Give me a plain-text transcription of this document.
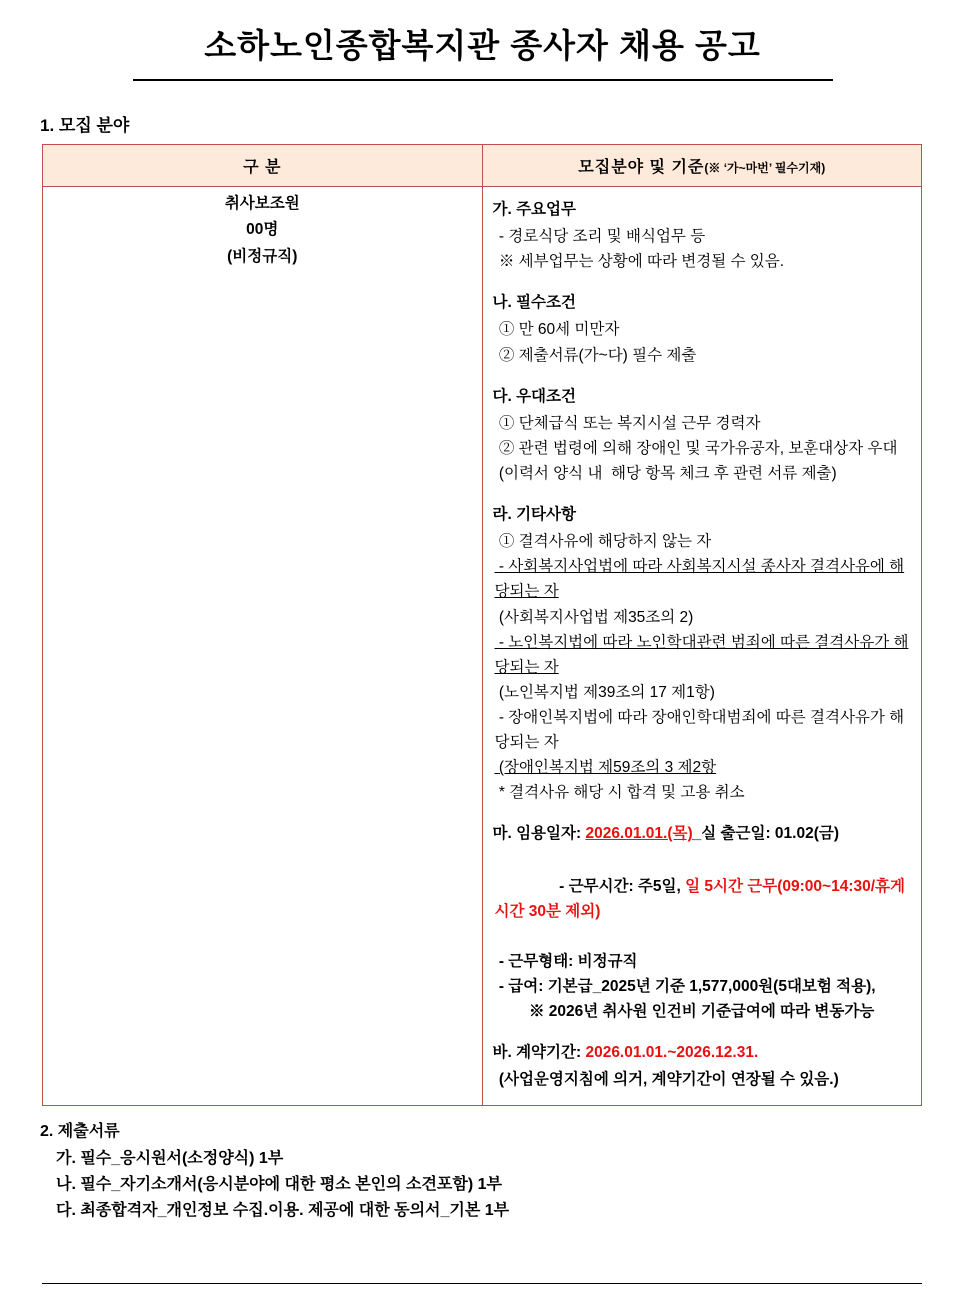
소하노인종합복지관 종사자 채용 공고
1. 모집 분야
구 분	모집분야 및 기준(※ ‘가~마번’ 필수기재)

취사보조원
00명
(비정규직)

가. 주요업무
- 경로식당 조리 및 배식업무 등
※ 세부업무는 상황에 따라 변경될 수 있음.
나. 필수조건
① 만 60세 미만자
② 제출서류(가~다) 필수 제출
다. 우대조건
① 단체급식 또는 복지시설 근무 경력자
② 관련 법령에 의해 장애인 및 국가유공자, 보훈대상자 우대
(이력서 양식 내  해당 항목 체크 후 관련 서류 제출)
라. 기타사항
① 결격사유에 해당하지 않는 자
- 사회복지사업법에 따라 사회복지시설 종사자 결격사유에 해당되는 자
(사회복지사업법 제35조의 2)
- 노인복지법에 따라 노인학대관련 범죄에 따른 결격사유가 해당되는 자
(노인복지법 제39조의 17 제1항)
- 장애인복지법에 따라 장애인학대범죄에 따른 결격사유가 해당되는 자
(장애인복지법 제59조의 3 제2항
* 결격사유 해당 시 합격 및 고용 취소
마. 임용일자: 2026.01.01.(목)_실 출근일: 01.02(금)

- 근무시간: 주5일, 일 5시간 근무(09:00~14:30/휴게시간 30분 제외)

- 근무형태: 비정규직
- 급여: 기본급_2025년 기준 1,577,000원(5대보험 적용),
※ 2026년 취사원 인건비 기준급여에 따라 변동가능
바. 계약기간: 2026.01.01.~2026.12.31.
(사업운영지침에 의거, 계약기간이 연장될 수 있음.)
2. 제출서류
가. 필수_응시원서(소정양식) 1부
나. 필수_자기소개서(응시분야에 대한 평소 본인의 소견포함) 1부
다. 최종합격자_개인정보 수집.이용. 제공에 대한 동의서_기본 1부
